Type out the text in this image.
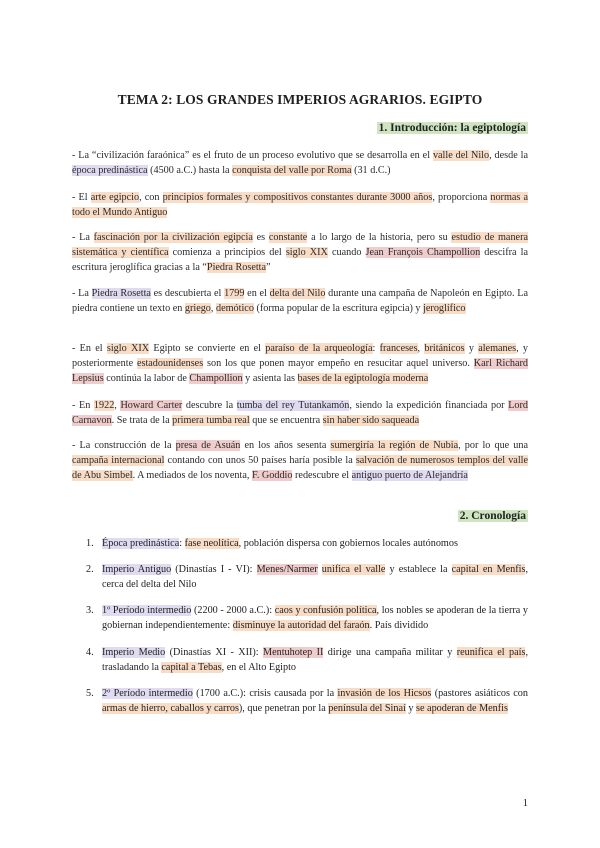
TEMA 2: LOS GRANDES IMPERIOS AGRARIOS. EGIPTO
1. Introducción: la egiptología
- La “civilización faraónica” es el fruto de un proceso evolutivo que se desarrolla en el valle del Nilo, desde la época predinástica (4500 a.C.) hasta la conquista del valle por Roma (31 d.C.)
- El arte egipcio, con principios formales y compositivos constantes durante 3000 años, proporciona normas a todo el Mundo Antiguo
- La fascinación por la civilización egipcia es constante a lo largo de la historia, pero su estudio de manera sistemática y científica comienza a principios del siglo XIX cuando Jean François Champollion descifra la escritura jeroglífica gracias a la “Piedra Rosetta”
- La Piedra Rosetta es descubierta el 1799 en el delta del Nilo durante una campaña de Napoleón en Egipto. La piedra contiene un texto en griego, demótico (forma popular de la escritura egipcia) y jeroglífico
- En el siglo XIX Egipto se convierte en el paraíso de la arqueología: franceses, británicos y alemanes, y posteriormente estadounidenses son los que ponen mayor empeño en resucitar aquel universo. Karl Richard Lepsius continúa la labor de Champollion y asienta las bases de la egiptología moderna
- En 1922, Howard Carter descubre la tumba del rey Tutankamón, siendo la expedición financiada por Lord Carnavon. Se trata de la primera tumba real que se encuentra sin haber sido saqueada
- La construcción de la presa de Asuán en los años sesenta sumergiría la región de Nubia, por lo que una campaña internacional contando con unos 50 países haría posible la salvación de numerosos templos del valle de Abu Simbel. A mediados de los noventa, F. Goddio redescubre el antiguo puerto de Alejandría
2. Cronología
1. Época predinástica: fase neolítica, población dispersa con gobiernos locales autónomos
2. Imperio Antiguo (Dinastías I - VI): Menes/Narmer unifica el valle y establece la capital en Menfis, cerca del delta del Nilo
3. 1º Período intermedio (2200 - 2000 a.C.): caos y confusión política, los nobles se apoderan de la tierra y gobiernan independientemente: disminuye la autoridad del faraón. País dividido
4. Imperio Medio (Dinastías XI - XII): Mentuhotep II dirige una campaña militar y reunifica el país, trasladando la capital a Tebas, en el Alto Egipto
5. 2º Período intermedio (1700 a.C.): crisis causada por la invasión de los Hicsos (pastores asiáticos con armas de hierro, caballos y carros), que penetran por la península del Sinaí y se apoderan de Menfis
1
